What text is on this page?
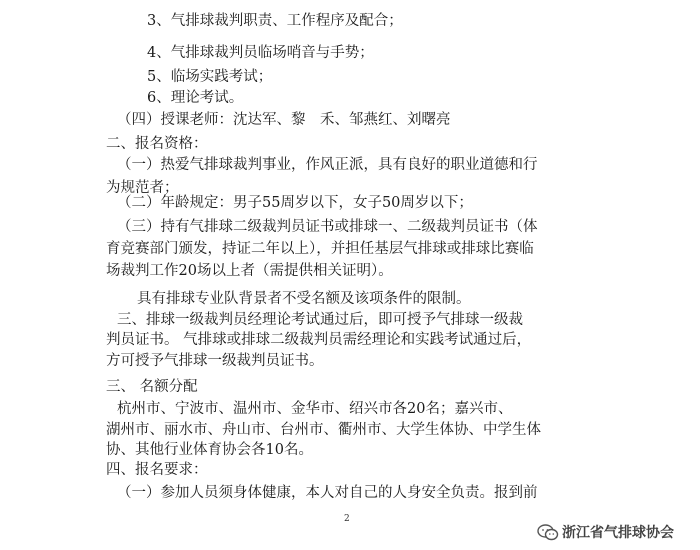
3、气排球裁判职责、工作程序及配合；
4、气排球裁判员临场哨音与手势；
5、临场实践考试；
6、理论考试。
（四）授课老师：沈达军、黎　禾、邹燕红、刘曙亮
二、报名资格：
（一）热爱气排球裁判事业，作风正派，具有良好的职业道德和行
为规范者；
（二）年龄规定：男子55周岁以下，女子50周岁以下；
（三）持有气排球二级裁判员证书或排球一、二级裁判员证书（体
育竞赛部门颁发，持证二年以上），并担任基层气排球或排球比赛临
场裁判工作20场以上者（需提供相关证明）。
具有排球专业队背景者不受名额及该项条件的限制。
三、排球一级裁判员经理论考试通过后，即可授予气排球一级裁
判员证书。 气排球或排球二级裁判员需经理论和实践考试通过后，
方可授予气排球一级裁判员证书。
三、 名额分配
杭州市、宁波市、温州市、金华市、绍兴市各20名；嘉兴市、
湖州市、丽水市、舟山市、台州市、衢州市、大学生体协、中学生体
协、其他行业体育协会各10名。
四、报名要求：
（一）参加人员须身体健康，本人对自己的人身安全负责。报到前
2
浙江省气排球协会
